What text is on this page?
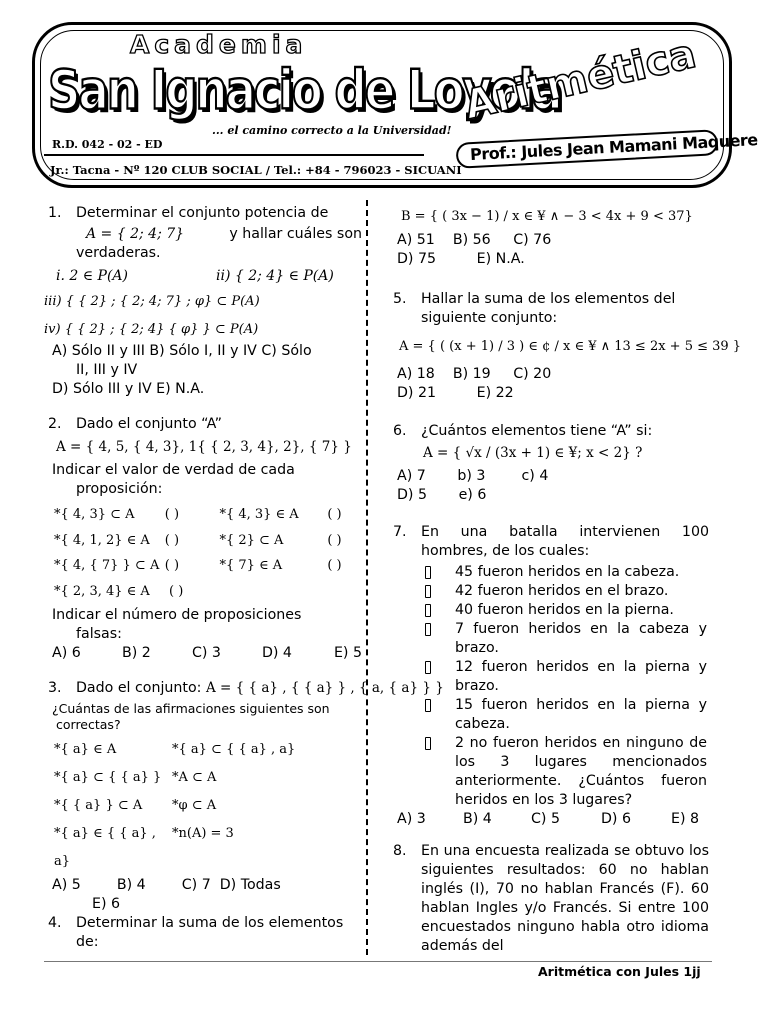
Academia
San Ignacio de Loyola
R.D. 042 - 02 - ED
... el camino correcto a la Universidad!
Jr.: Tacna - Nº 120 CLUB SOCIAL / Tel.: +84 - 796023 - SICUANI
Aritmética
Prof.: Jules Jean Mamani Maquere
1. Determinar el conjunto potencia de
A = { 2; 4; 7}	y hallar cuáles son
verdaderas.
i. 2 ∈ P(A)	ii) { 2; 4} ∈ P(A)
iii) { { 2} ; { 2; 4; 7} ; φ} ⊂ P(A)
iv) { { 2} ; { 2; 4} { φ} } ⊂ P(A)
A) Sólo II y III B) Sólo I, II y IV C) Sólo
II, III y IV
D) Sólo III y IV E) N.A.
2. Dado el conjunto “A”
A = { 4, 5, { 4, 3}, 1{ { 2, 3, 4}, 2}, { 7} }
Indicar el valor de verdad de cada
proposición:
*{ 4, 3} ⊂ A	( )	*{ 4, 3} ∈ A	( )
*{ 4, 1, 2} ∈ A	( )	*{ 2} ⊂ A	( )
*{ 4, { 7} } ⊂ A ( )	*{ 7} ∈ A	( )
*{ 2, 3, 4} ∈ A	( )
Indicar el número de proposiciones
falsas:
A) 6	B) 2	C) 3	D) 4	E) 5
3. Dado el conjunto: A = { { a} , { { a} } , { a, { a} } }
¿Cuántas de las afirmaciones siguientes son
correctas?
*{ a} ∈ A	*{ a} ⊂ { { a} , a}
*{ a} ⊂ { { a} } *A ⊂ A
*{ { a} } ⊂ A	*φ ⊂ A
*{ a} ∈ { { a} , a}
*n(A) = 3
A) 5        B) 4        C) 7  D) Todas
E) 6
4. Determinar la suma de los elementos
de:
B = { ( 3x − 1) / x ∈ ¥ ∧ − 3 < 4x + 9 < 37}
A) 51    B) 56     C) 76
D) 75         E) N.A.
5. Hallar la suma de los elementos del
siguiente conjunto:
A = { ( (x + 1) / 3 ) ∈ ¢ / x ∈ ¥ ∧ 13 ≤ 2x + 5 ≤ 39 }
A) 18    B) 19     C) 20
D) 21         E) 22
6. ¿Cuántos elementos tiene “A” si:
A = { √x / (3x + 1) ∈ ¥; x < 2} ?
A) 7       b) 3        c) 4
D) 5       e) 6
7. En una batalla intervienen 100
hombres, de los cuales:
45 fueron heridos en la cabeza.
42 fueron heridos en el brazo.
40 fueron heridos en la pierna.
7 fueron heridos en la cabeza y brazo.
12 fueron heridos en la pierna y brazo.
15 fueron heridos en la pierna y cabeza.
2 no fueron heridos en ninguno de los 3 lugares mencionados anteriormente. ¿Cuántos fueron heridos en los 3 lugares?
A) 3	B) 4	C) 5	D) 6	E) 8
8. En una encuesta realizada se obtuvo los siguientes resultados: 60 no hablan inglés (I), 70 no hablan Francés (F). 60 hablan Ingles y/o Francés. Si entre 100 encuestados ninguno habla otro idioma además del
Aritmética con Jules 1jj
